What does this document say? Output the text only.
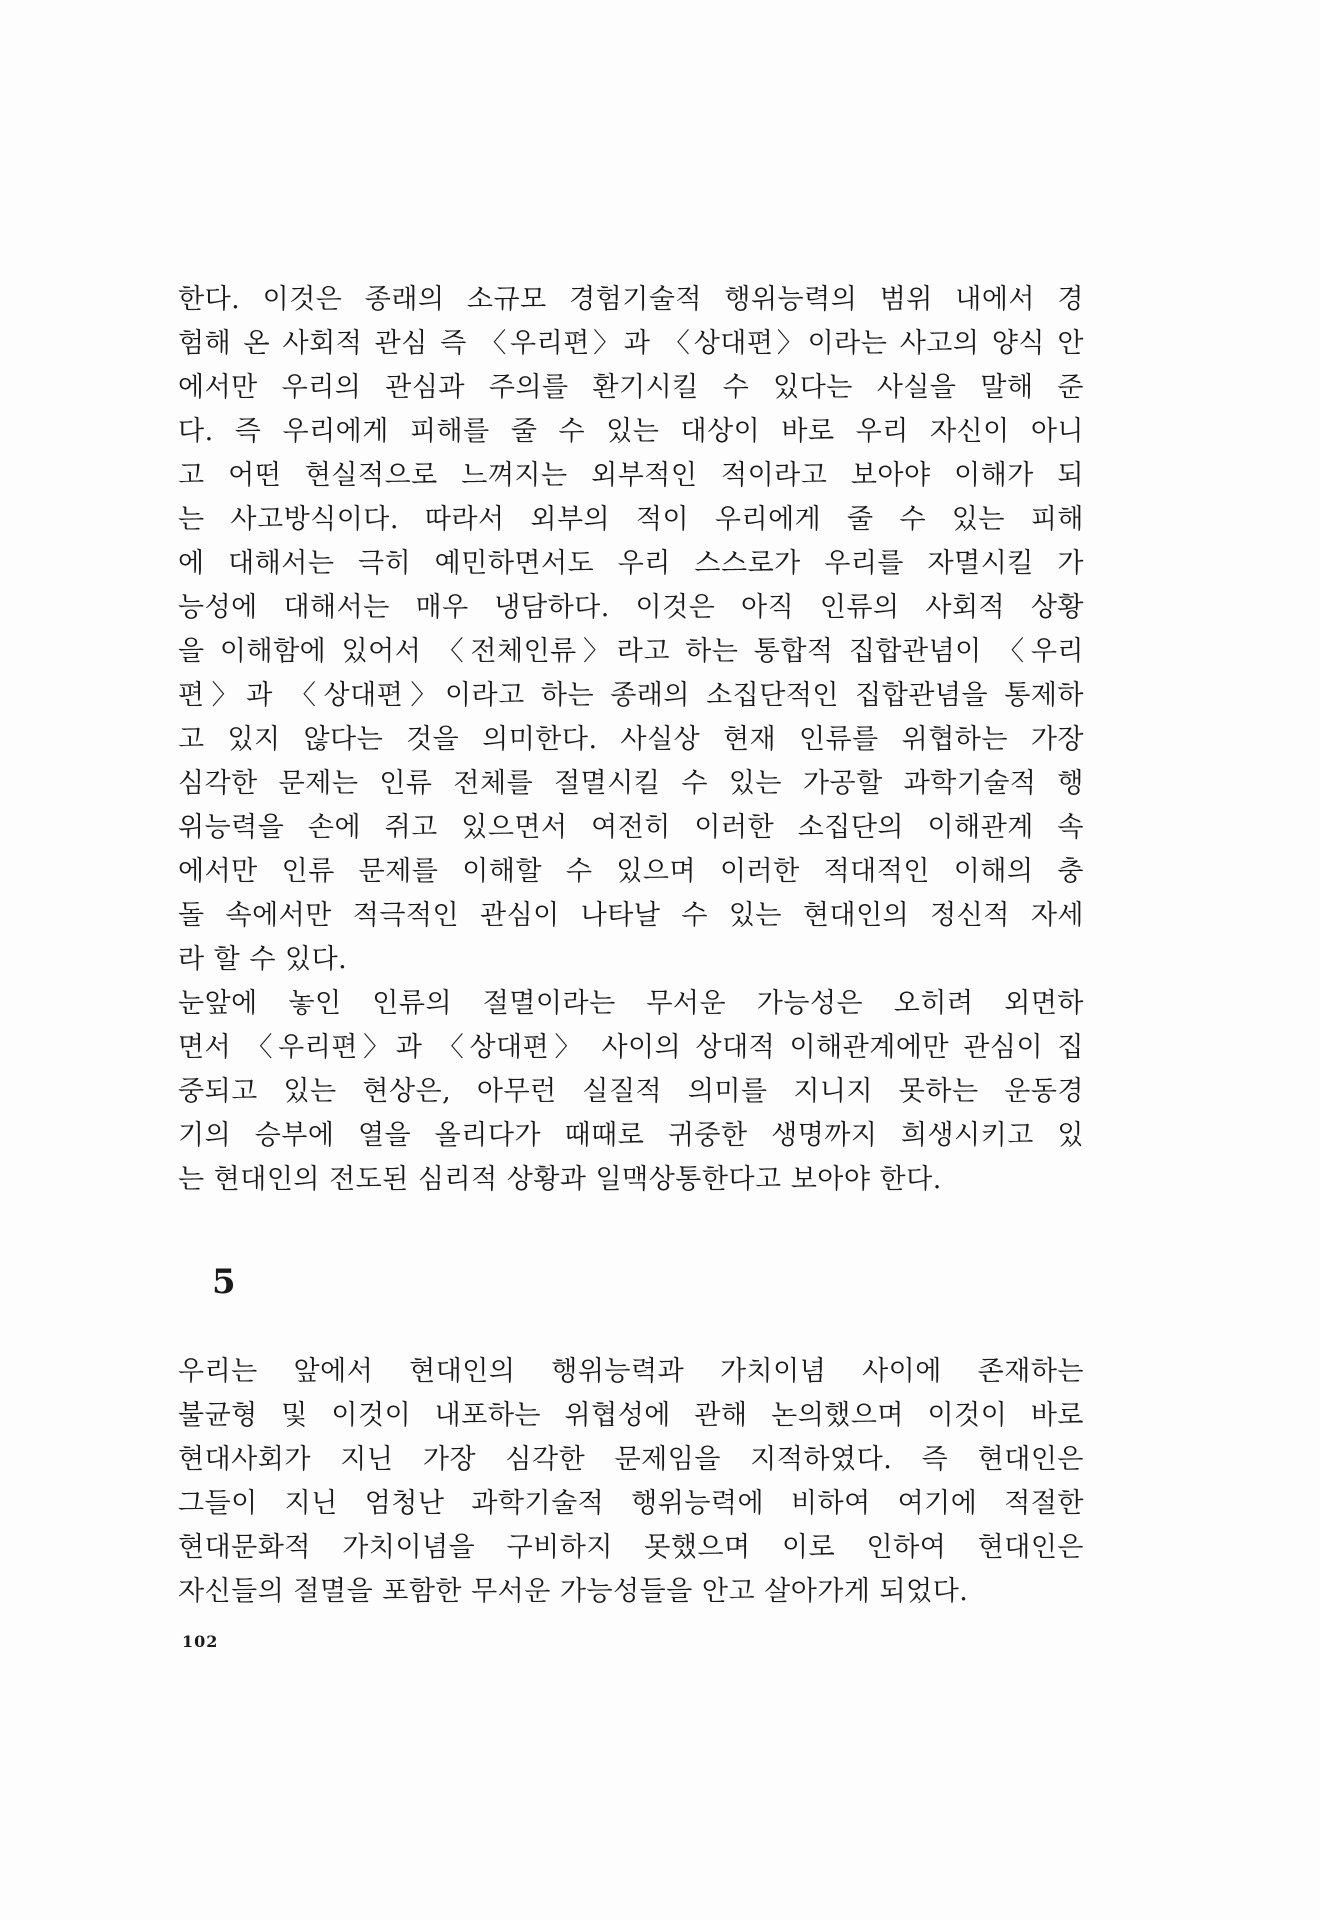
한다. 이것은 종래의 소규모 경험기술적 행위능력의 범위 내에서 경
험해 온 사회적 관심 즉 〈우리편〉과 〈상대편〉이라는 사고의 양식 안
에서만 우리의 관심과 주의를 환기시킬 수 있다는 사실을 말해 준
다. 즉 우리에게 피해를 줄 수 있는 대상이 바로 우리 자신이 아니
고 어떤 현실적으로 느껴지는 외부적인 적이라고 보아야 이해가 되
는 사고방식이다. 따라서 외부의 적이 우리에게 줄 수 있는 피해
에 대해서는 극히 예민하면서도 우리 스스로가 우리를 자멸시킬 가
능성에 대해서는 매우 냉담하다. 이것은 아직 인류의 사회적 상황
을 이해함에 있어서 〈전체인류〉라고 하는 통합적 집합관념이 〈우리
편〉과 〈상대편〉이라고 하는 종래의 소집단적인 집합관념을 통제하
고 있지 않다는 것을 의미한다. 사실상 현재 인류를 위협하는 가장
심각한 문제는 인류 전체를 절멸시킬 수 있는 가공할 과학기술적 행
위능력을 손에 쥐고 있으면서 여전히 이러한 소집단의 이해관계 속
에서만 인류 문제를 이해할 수 있으며 이러한 적대적인 이해의 충
돌 속에서만 적극적인 관심이 나타날 수 있는 현대인의 정신적 자세
라 할 수 있다.
눈앞에 놓인 인류의 절멸이라는 무서운 가능성은 오히려 외면하
면서 〈우리편〉과 〈상대편〉 사이의 상대적 이해관계에만 관심이 집
중되고 있는 현상은, 아무런 실질적 의미를 지니지 못하는 운동경
기의 승부에 열을 올리다가 때때로 귀중한 생명까지 희생시키고 있
는 현대인의 전도된 심리적 상황과 일맥상통한다고 보아야 한다.
5
우리는 앞에서 현대인의 행위능력과 가치이념 사이에 존재하는
불균형 및 이것이 내포하는 위협성에 관해 논의했으며 이것이 바로
현대사회가 지닌 가장 심각한 문제임을 지적하였다. 즉 현대인은
그들이 지닌 엄청난 과학기술적 행위능력에 비하여 여기에 적절한
현대문화적 가치이념을 구비하지 못했으며 이로 인하여 현대인은
자신들의 절멸을 포함한 무서운 가능성들을 안고 살아가게 되었다.
102
